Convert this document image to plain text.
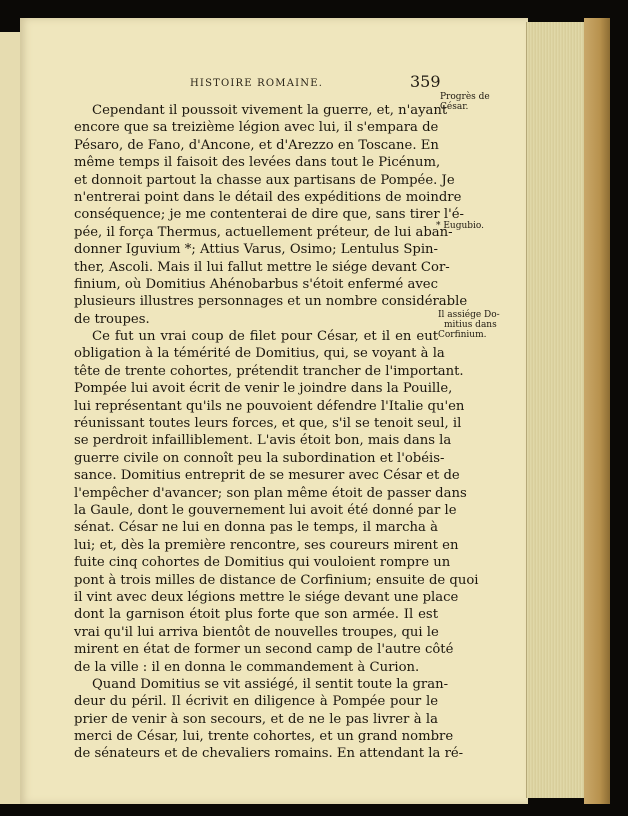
HISTOIRE ROMAINE.	359
Cependant il poussoit vivement la guerre, et, n'ayant
encore que sa treizième légion avec lui, il s'empara de
Pésaro, de Fano, d'Ancone, et d'Arezzo en Toscane. En
même temps il faisoit des levées dans tout le Picénum,
et donnoit partout la chasse aux partisans de Pompée. Je
n'entrerai point dans le détail des expéditions de moindre
conséquence; je me contenterai de dire que, sans tirer l'é-
pée, il força Thermus, actuellement préteur, de lui aban-
donner Iguvium *; Attius Varus, Osimo; Lentulus Spin-
ther, Ascoli. Mais il lui fallut mettre le siége devant Cor-
finium, où Domitius Ahénobarbus s'étoit enfermé avec
plusieurs illustres personnages et un nombre considérable
de troupes.
Ce fut un vrai coup de filet pour César, et il en eut
obligation à la témérité de Domitius, qui, se voyant à la
tête de trente cohortes, prétendit trancher de l'important.
Pompée lui avoit écrit de venir le joindre dans la Pouille,
lui représentant qu'ils ne pouvoient défendre l'Italie qu'en
réunissant toutes leurs forces, et que, s'il se tenoit seul, il
se perdroit infailliblement. L'avis étoit bon, mais dans la
guerre civile on connoît peu la subordination et l'obéis-
sance. Domitius entreprit de se mesurer avec César et de
l'empêcher d'avancer; son plan même étoit de passer dans
la Gaule, dont le gouvernement lui avoit été donné par le
sénat. César ne lui en donna pas le temps, il marcha à
lui; et, dès la première rencontre, ses coureurs mirent en
fuite cinq cohortes de Domitius qui vouloient rompre un
pont à trois milles de distance de Corfinium; ensuite de quoi
il vint avec deux légions mettre le siége devant une place
dont la garnison étoit plus forte que son armée. Il est
vrai qu'il lui arriva bientôt de nouvelles troupes, qui le
mirent en état de former un second camp de l'autre côté
de la ville : il en donna le commandement à Curion.
Quand Domitius se vit assiégé, il sentit toute la gran-
deur du péril. Il écrivit en diligence à Pompée pour le
prier de venir à son secours, et de ne le pas livrer à la
merci de César, lui, trente cohortes, et un grand nombre
de sénateurs et de chevaliers romains. En attendant la ré-
Progrès de
César.
* Eugubio.
Il assiége Do-
mitius dans
Corfinium.
